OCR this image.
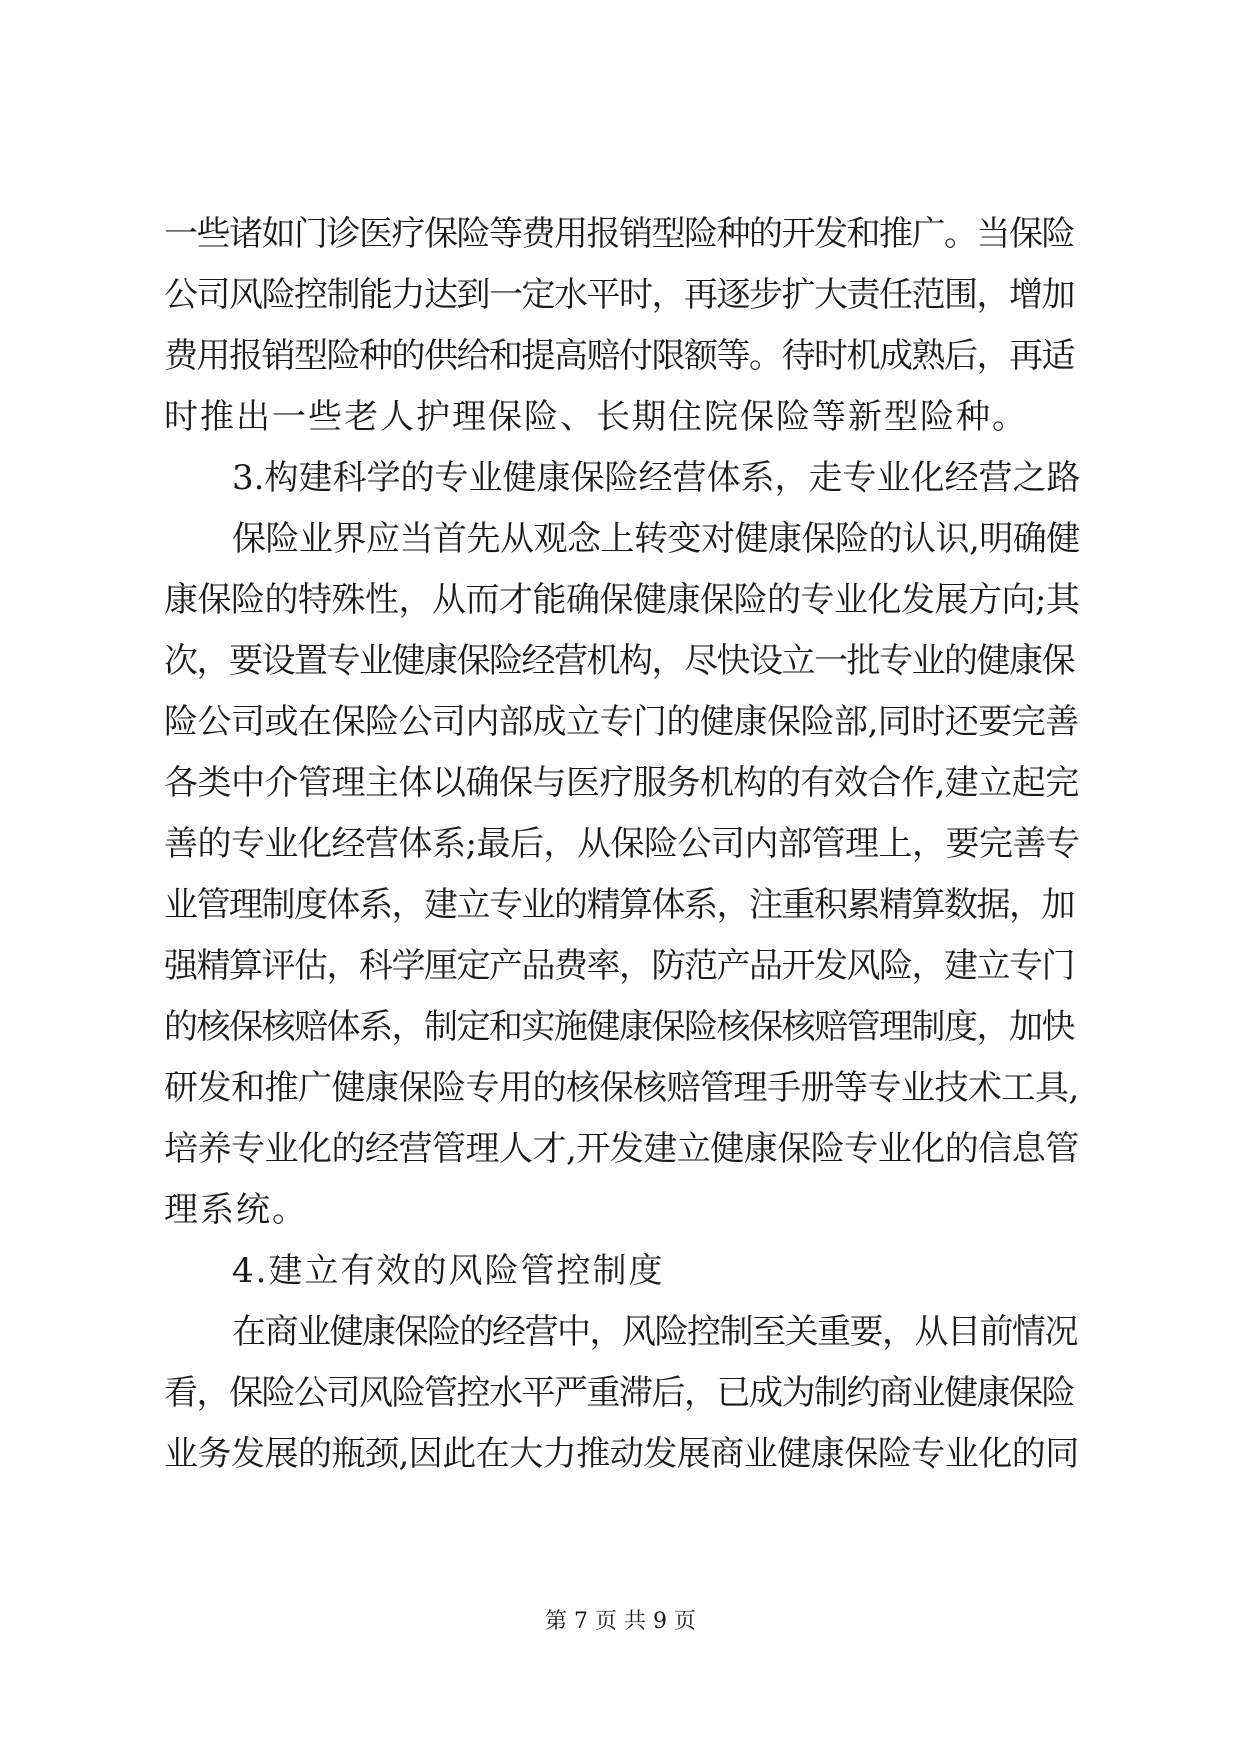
一些诸如门诊医疗保险等费用报销型险种的开发和推广。当保险
公司风险控制能力达到一定水平时，再逐步扩大责任范围，增加
费用报销型险种的供给和提高赔付限额等。待时机成熟后，再适
时推出一些老人护理保险、长期住院保险等新型险种。
3.构建科学的专业健康保险经营体系，走专业化经营之路
保险业界应当首先从观念上转变对健康保险的认识,明确健
康保险的特殊性，从而才能确保健康保险的专业化发展方向;其
次，要设置专业健康保险经营机构，尽快设立一批专业的健康保
险公司或在保险公司内部成立专门的健康保险部,同时还要完善
各类中介管理主体以确保与医疗服务机构的有效合作,建立起完
善的专业化经营体系;最后，从保险公司内部管理上，要完善专
业管理制度体系，建立专业的精算体系，注重积累精算数据，加
强精算评估，科学厘定产品费率，防范产品开发风险，建立专门
的核保核赔体系，制定和实施健康保险核保核赔管理制度，加快
研发和推广健康保险专用的核保核赔管理手册等专业技术工具,
培养专业化的经营管理人才,开发建立健康保险专业化的信息管
理系统。
4.建立有效的风险管控制度
在商业健康保险的经营中，风险控制至关重要，从目前情况
看，保险公司风险管控水平严重滞后，已成为制约商业健康保险
业务发展的瓶颈,因此在大力推动发展商业健康保险专业化的同
第 7 页 共 9 页
